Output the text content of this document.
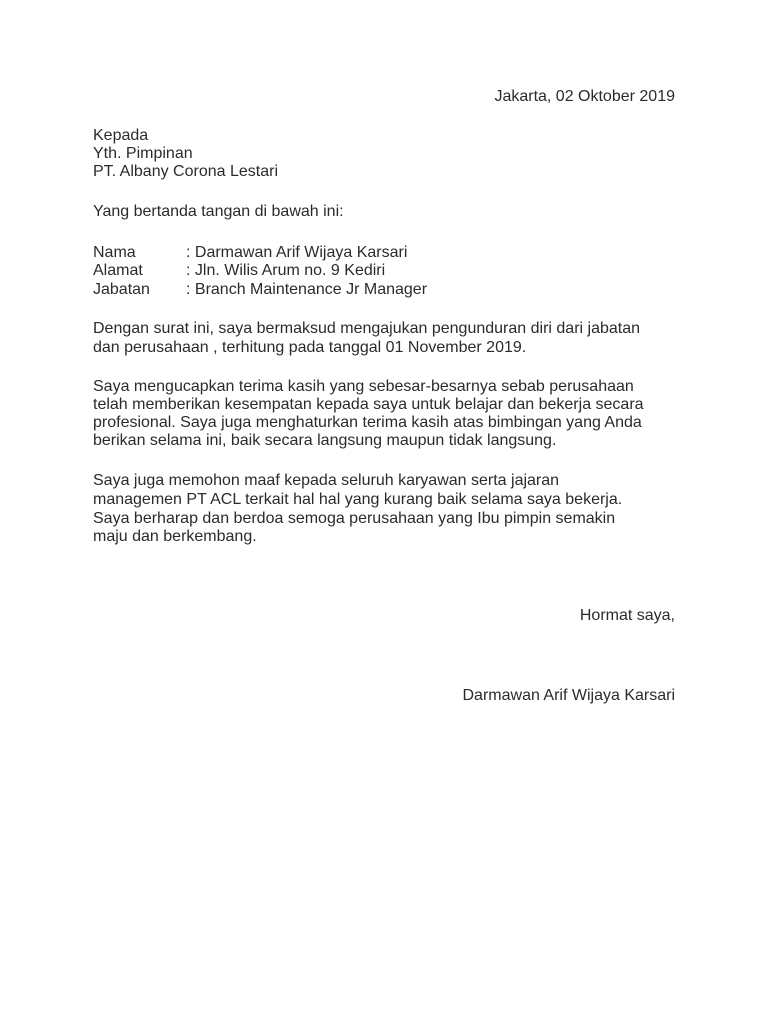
Jakarta, 02 Oktober 2019
Kepada
Yth. Pimpinan
PT. Albany Corona Lestari
Yang bertanda tangan di bawah ini:
Nama	: Darmawan Arif Wijaya Karsari
Alamat	: Jln. Wilis Arum no. 9 Kediri
Jabatan : Branch Maintenance Jr Manager
Dengan surat ini, saya bermaksud mengajukan pengunduran diri dari jabatan
dan perusahaan , terhitung pada tanggal 01 November 2019.
Saya mengucapkan terima kasih yang sebesar-besarnya sebab perusahaan
telah memberikan kesempatan kepada saya untuk belajar dan bekerja secara
profesional. Saya juga menghaturkan terima kasih atas bimbingan yang Anda
berikan selama ini, baik secara langsung maupun tidak langsung.
Saya juga memohon maaf kepada seluruh karyawan serta jajaran
managemen PT ACL terkait hal hal yang kurang baik selama saya bekerja.
Saya berharap dan berdoa semoga perusahaan yang Ibu pimpin semakin
maju dan berkembang.
Hormat saya,
Darmawan Arif Wijaya Karsari
